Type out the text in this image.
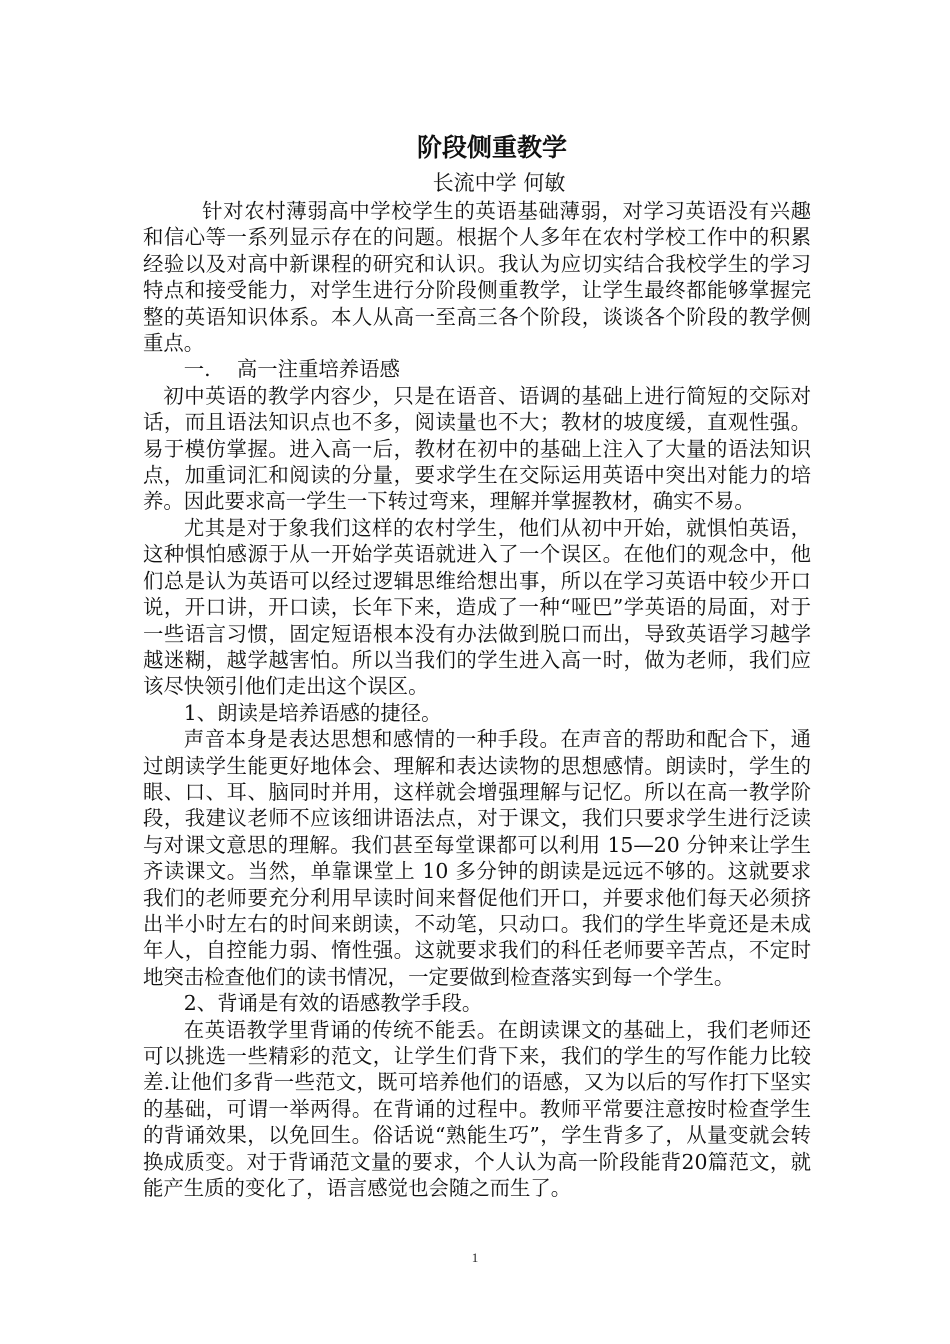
阶段侧重教学

长流中学 何敏

针对农村薄弱高中学校学生的英语基础薄弱，对学习英语没有兴趣和信心等一系列显示存在的问题。根据个人多年在农村学校工作中的积累经验以及对高中新课程的研究和认识。我认为应切实结合我校学生的学习特点和接受能力，对学生进行分阶段侧重教学，让学生最终都能够掌握完整的英语知识体系。本人从高一至高三各个阶段，谈谈各个阶段的教学侧重点。

一. 高一注重培养语感

初中英语的教学内容少，只是在语音、语调的基础上进行简短的交际对话，而且语法知识点也不多，阅读量也不大；教材的坡度缓，直观性强。易于模仿掌握。进入高一后，教材在初中的基础上注入了大量的语法知识点，加重词汇和阅读的分量，要求学生在交际运用英语中突出对能力的培养。因此要求高一学生一下转过弯来，理解并掌握教材，确实不易。

尤其是对于象我们这样的农村学生，他们从初中开始，就惧怕英语，这种惧怕感源于从一开始学英语就进入了一个误区。在他们的观念中，他们总是认为英语可以经过逻辑思维给想出事，所以在学习英语中较少开口说，开口讲，开口读，长年下来，造成了一种“哑巴”学英语的局面，对于一些语言习惯，固定短语根本没有办法做到脱口而出，导致英语学习越学越迷糊，越学越害怕。所以当我们的学生进入高一时，做为老师，我们应该尽快领引他们走出这个误区。

1、朗读是培养语感的捷径。

声音本身是表达思想和感情的一种手段。在声音的帮助和配合下，通过朗读学生能更好地体会、理解和表达读物的思想感情。朗读时，学生的眼、口、耳、脑同时并用，这样就会增强理解与记忆。所以在高一教学阶段，我建议老师不应该细讲语法点，对于课文，我们只要求学生进行泛读与对课文意思的理解。我们甚至每堂课都可以利用 15—20 分钟来让学生齐读课文。当然，单靠课堂上 10 多分钟的朗读是远远不够的。这就要求我们的老师要充分利用早读时间来督促他们开口，并要求他们每天必须挤出半小时左右的时间来朗读，不动笔，只动口。我们的学生毕竟还是未成年人，自控能力弱、惰性强。这就要求我们的科任老师要辛苦点，不定时地突击检查他们的读书情况，一定要做到检查落实到每一个学生。

2、背诵是有效的语感教学手段。

在英语教学里背诵的传统不能丢。在朗读课文的基础上，我们老师还可以挑选一些精彩的范文，让学生们背下来，我们的学生的写作能力比较差.让他们多背一些范文，既可培养他们的语感，又为以后的写作打下坚实的基础，可谓一举两得。在背诵的过程中。教师平常要注意按时检查学生的背诵效果，以免回生。俗话说“熟能生巧”，学生背多了，从量变就会转换成质变。对于背诵范文量的要求，个人认为高一阶段能背20篇范文，就能产生质的变化了，语言感觉也会随之而生了。

1
